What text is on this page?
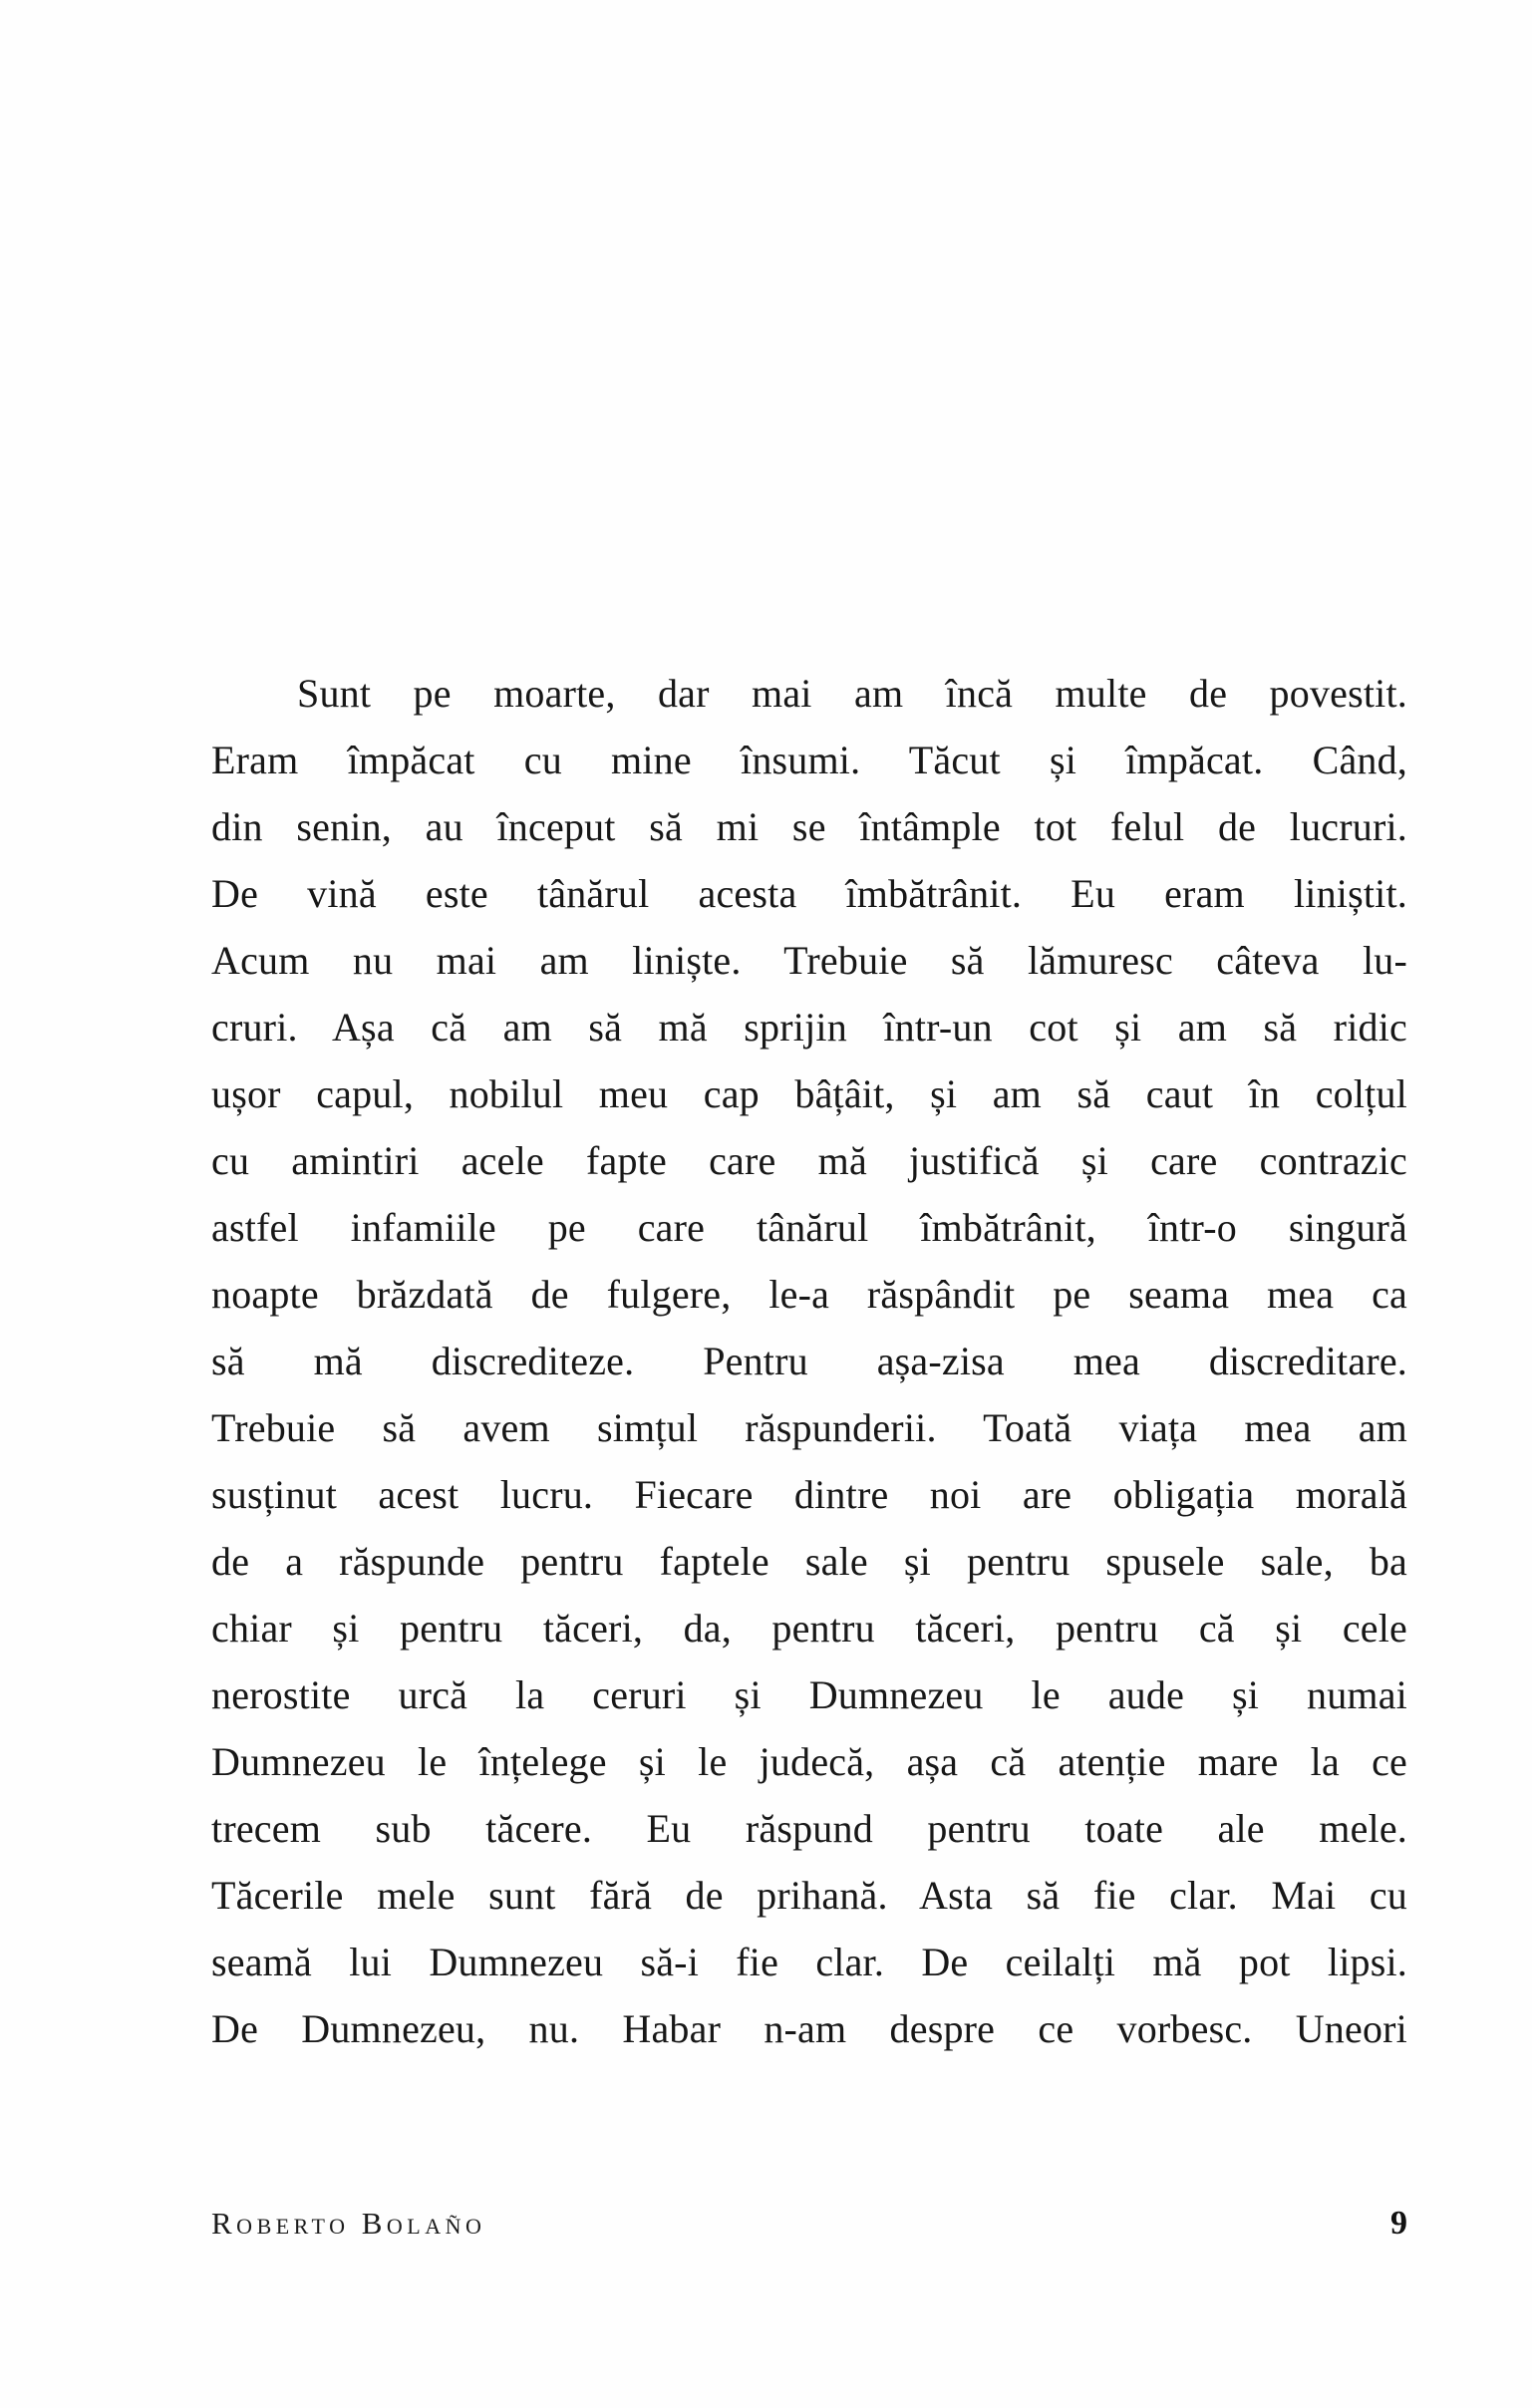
Sunt pe moarte, dar mai am încă multe de povestit.
Eram împăcat cu mine însumi. Tăcut și împăcat. Când,
din senin, au început să mi se întâmple tot felul de lucruri.
De vină este tânărul acesta îmbătrânit. Eu eram liniștit.
Acum nu mai am liniște. Trebuie să lămuresc câteva lu-
cruri. Așa că am să mă sprijin într-un cot și am să ridic
ușor capul, nobilul meu cap bâțâit, și am să caut în colțul
cu amintiri acele fapte care mă justifică și care contrazic
astfel infamiile pe care tânărul îmbătrânit, într-o singură
noapte brăzdată de fulgere, le-a răspândit pe seama mea ca
să mă discrediteze. Pentru așa-zisa mea discreditare.
Trebuie să avem simțul răspunderii. Toată viața mea am
susținut acest lucru. Fiecare dintre noi are obligația morală
de a răspunde pentru faptele sale și pentru spusele sale, ba
chiar și pentru tăceri, da, pentru tăceri, pentru că și cele
nerostite urcă la ceruri și Dumnezeu le aude și numai
Dumnezeu le înțelege și le judecă, așa că atenție mare la ce
trecem sub tăcere. Eu răspund pentru toate ale mele.
Tăcerile mele sunt fără de prihană. Asta să fie clar. Mai cu
seamă lui Dumnezeu să-i fie clar. De ceilalți mă pot lipsi.
De Dumnezeu, nu. Habar n-am despre ce vorbesc. Uneori
Roberto Bolaño	9
